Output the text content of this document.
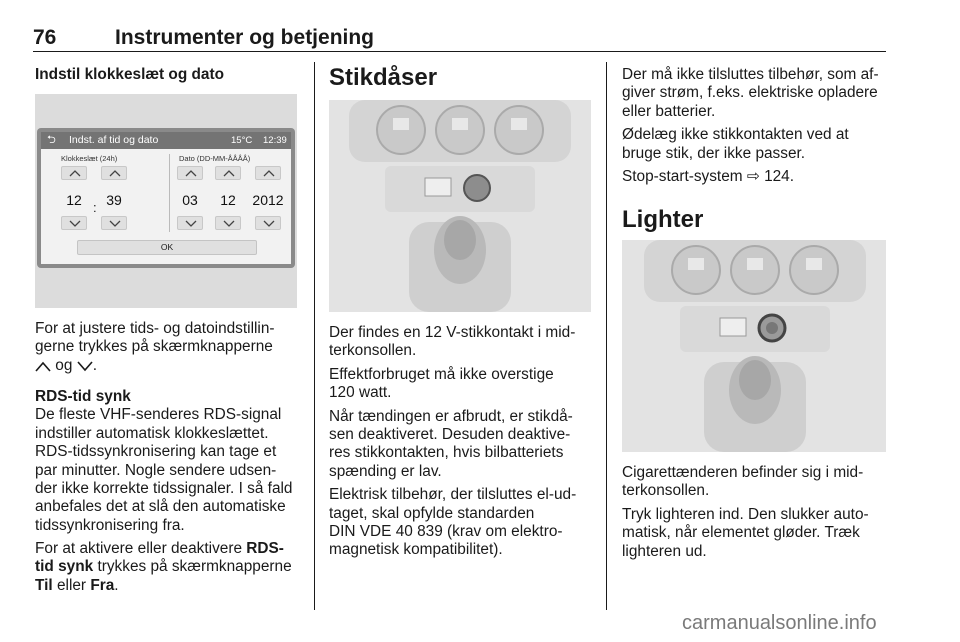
76	Instrumenter og betjening
Indstil klokkeslæt og dato
⮌ Indst. af tid og dato	15°C 12:39
Klokkeslæt (24h)	Dato (DD-MM-ÅÅÅÅ)
12 : 39	03	12	2012
OK

For at justere tids- og datoindstillin-
gerne trykkes på skærmknapperne
og .

RDS-tid synk

De fleste VHF-senderes RDS-signal
indstiller automatisk klokkeslættet.
RDS-tidssynkronisering kan tage et
par minutter. Nogle sendere udsen-
der ikke korrekte tidssignaler. I så fald
anbefales det at slå den automatiske
tidssynkronisering fra.

For at aktivere eller deaktivere RDS-
tid synk trykkes på skærmknapperne
Til eller Fra.

Stikdåser

Der findes en 12 V-stikkontakt i mid-
terkonsollen.

Effektforbruget må ikke overstige
120 watt.

Når tændingen er afbrudt, er stikdå-
sen deaktiveret. Desuden deaktive-
res stikkontakten, hvis bilbatteriets
spænding er lav.

Elektrisk tilbehør, der tilsluttes el-ud-
taget, skal opfylde standarden
DIN VDE 40 839 (krav om elektro-
magnetisk kompatibilitet).

Der må ikke tilsluttes tilbehør, som af-
giver strøm, f.eks. elektriske opladere
eller batterier.

Ødelæg ikke stikkontakten ved at
bruge stik, der ikke passer.

Stop-start-system ⇨ 124.

Lighter

Cigarettænderen befinder sig i mid-
terkonsollen.

Tryk lighteren ind. Den slukker auto-
matisk, når elementet gløder. Træk
lighteren ud.

carmanualsonline.info
